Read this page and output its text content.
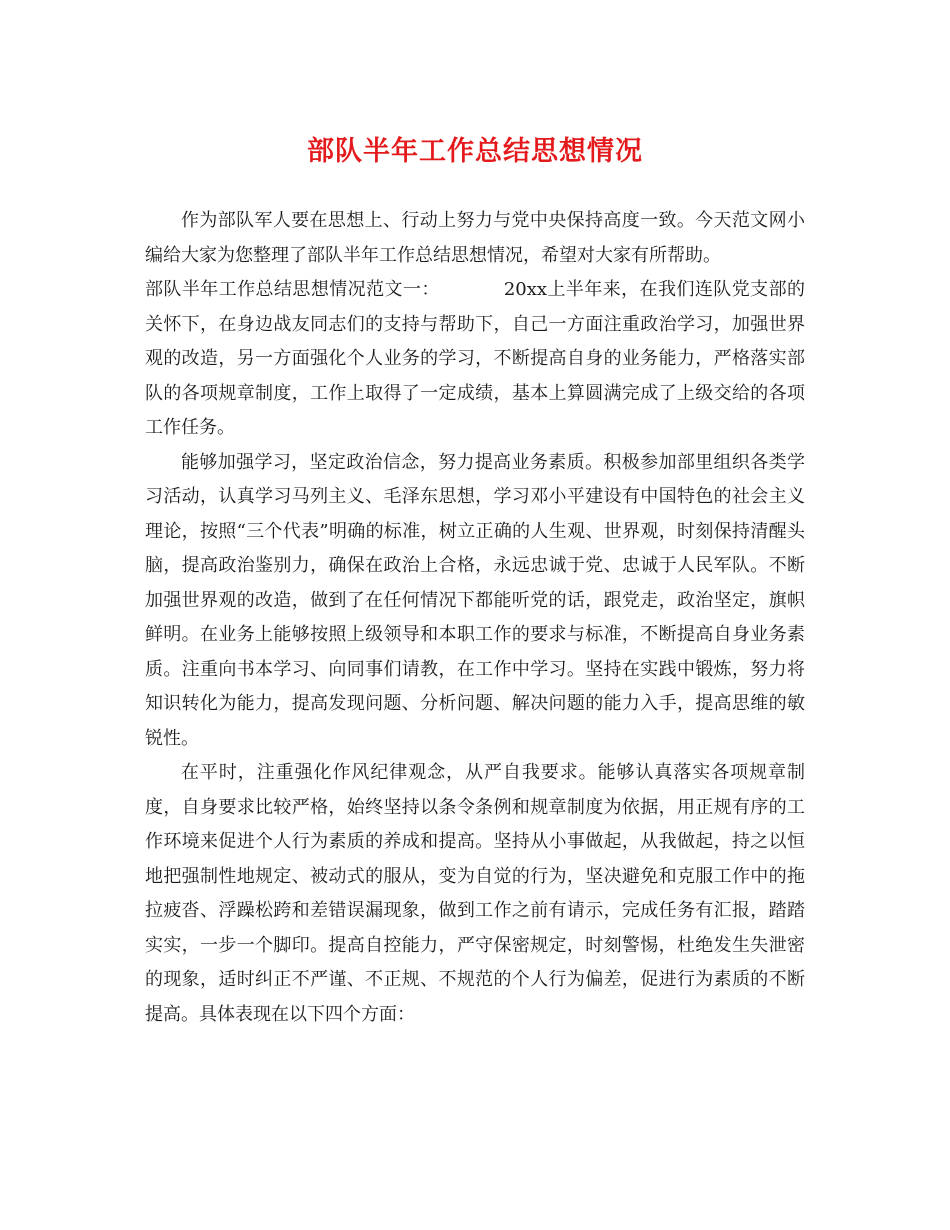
部队半年工作总结思想情况

作为部队军人要在思想上、行动上努力与党中央保持高度一致。今天范文网小编给大家为您整理了部队半年工作总结思想情况，希望对大家有所帮助。

部队半年工作总结思想情况范文一：	20xx上半年来，在我们连队党支部的关怀下，在身边战友同志们的支持与帮助下，自己一方面注重政治学习，加强世界观的改造，另一方面强化个人业务的学习，不断提高自身的业务能力，严格落实部队的各项规章制度，工作上取得了一定成绩，基本上算圆满完成了上级交给的各项工作任务。

能够加强学习，坚定政治信念，努力提高业务素质。积极参加部里组织各类学习活动，认真学习马列主义、毛泽东思想，学习邓小平建设有中国特色的社会主义理论，按照“三个代表”明确的标准，树立正确的人生观、世界观，时刻保持清醒头脑，提高政治鉴别力，确保在政治上合格，永远忠诚于党、忠诚于人民军队。不断加强世界观的改造，做到了在任何情况下都能听党的话，跟党走，政治坚定，旗帜鲜明。在业务上能够按照上级领导和本职工作的要求与标准，不断提高自身业务素质。注重向书本学习、向同事们请教，在工作中学习。坚持在实践中锻炼，努力将知识转化为能力，提高发现问题、分析问题、解决问题的能力入手，提高思维的敏锐性。

在平时，注重强化作风纪律观念，从严自我要求。能够认真落实各项规章制度，自身要求比较严格，始终坚持以条令条例和规章制度为依据，用正规有序的工作环境来促进个人行为素质的养成和提高。坚持从小事做起，从我做起，持之以恒地把强制性地规定、被动式的服从，变为自觉的行为，坚决避免和克服工作中的拖拉疲沓、浮躁松跨和差错误漏现象，做到工作之前有请示，完成任务有汇报，踏踏实实，一步一个脚印。提高自控能力，严守保密规定，时刻警惕，杜绝发生失泄密的现象，适时纠正不严谨、不正规、不规范的个人行为偏差，促进行为素质的不断提高。具体表现在以下四个方面：
